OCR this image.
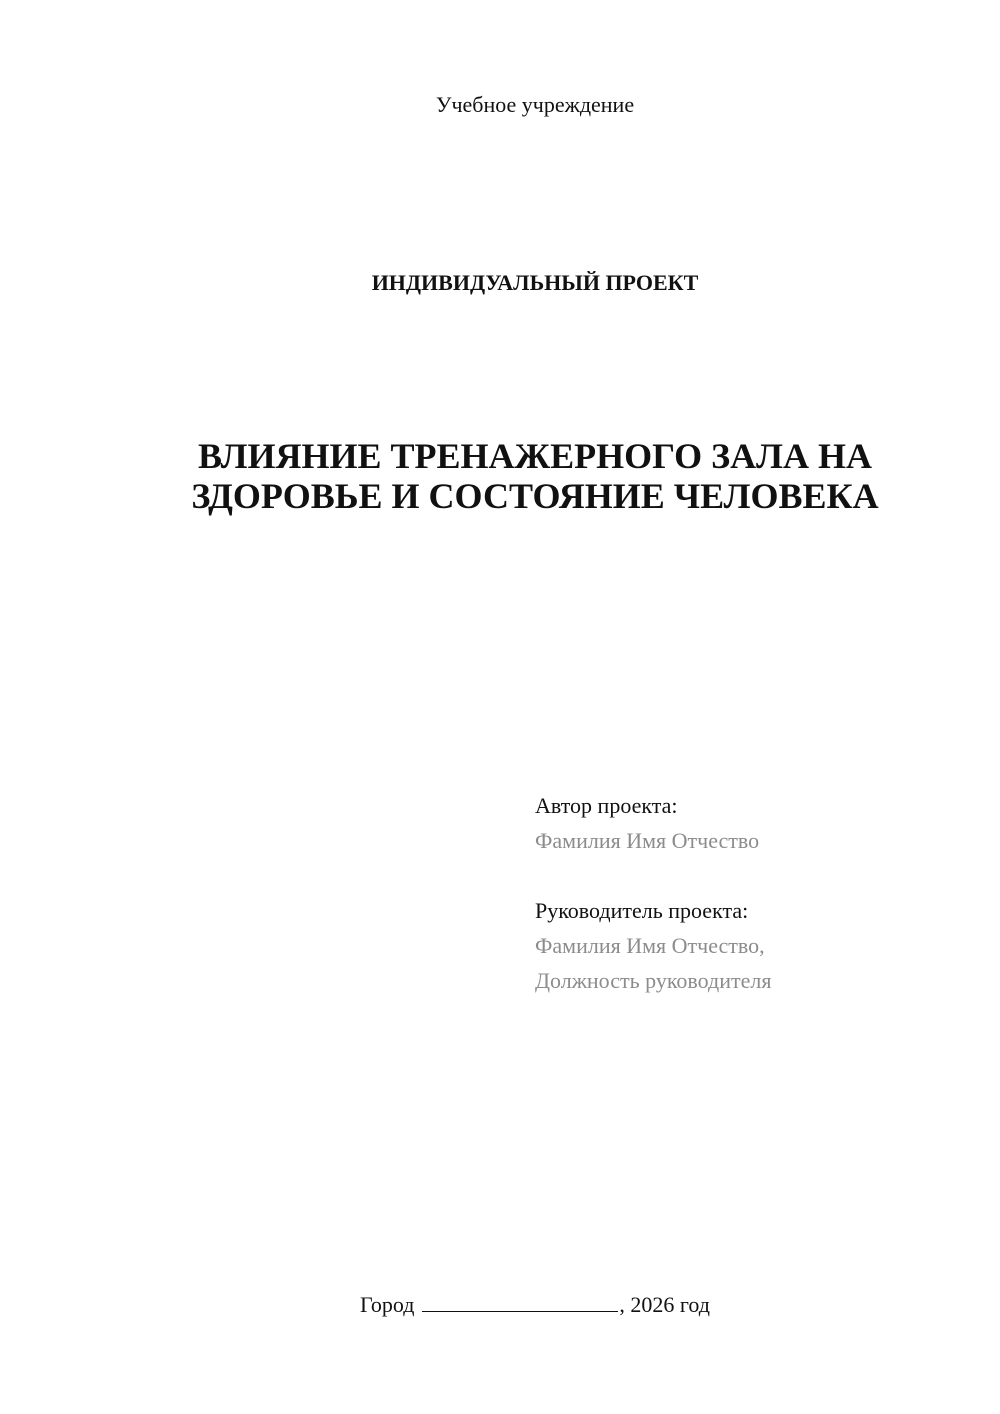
Учебное учреждение
ИНДИВИДУАЛЬНЫЙ ПРОЕКТ
ВЛИЯНИЕ ТРЕНАЖЕРНОГО ЗАЛА НА
ЗДОРОВЬЕ И СОСТОЯНИЕ ЧЕЛОВЕКА
Автор проекта:
Фамилия Имя Отчество
Руководитель проекта:
Фамилия Имя Отчество,
Должность руководителя
Город	, 2026 год
